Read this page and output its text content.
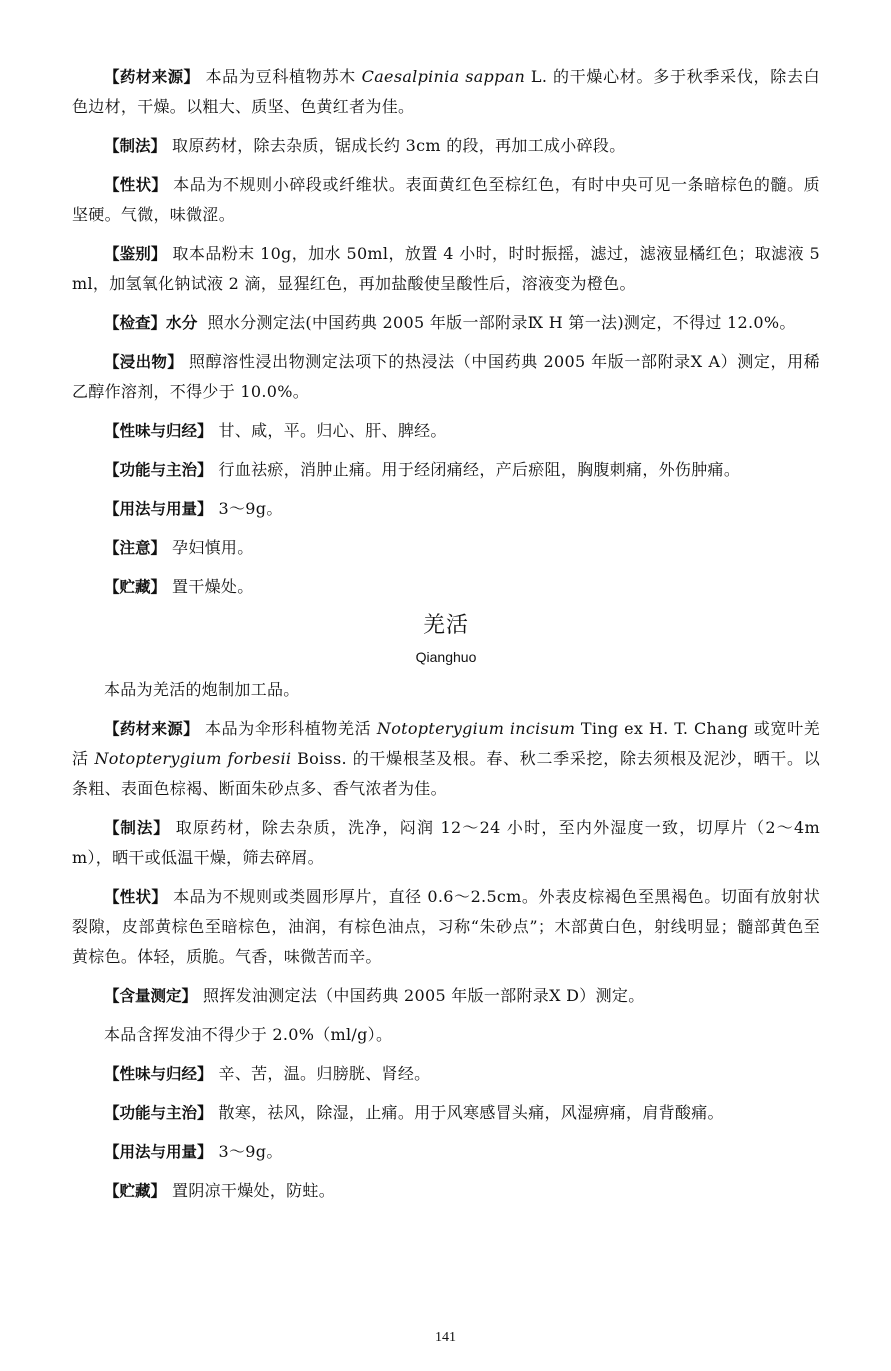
【药材来源】 本品为豆科植物苏木 Caesalpinia sappan L. 的干燥心材。多于秋季采伐，除去白色边材，干燥。以粗大、质坚、色黄红者为佳。

【制法】 取原药材，除去杂质，锯成长约 3cm 的段，再加工成小碎段。

【性状】 本品为不规则小碎段或纤维状。表面黄红色至棕红色，有时中央可见一条暗棕色的髓。质坚硬。气微，味微涩。

【鉴别】 取本品粉末 10g，加水 50ml，放置 4 小时，时时振摇，滤过，滤液显橘红色；取滤液 5ml，加氢氧化钠试液 2 滴，显猩红色，再加盐酸使呈酸性后，溶液变为橙色。

【检查】水分 照水分测定法(中国药典 2005 年版一部附录Ⅸ H 第一法)测定，不得过 12.0%。

【浸出物】 照醇溶性浸出物测定法项下的热浸法（中国药典 2005 年版一部附录Ⅹ A）测定，用稀乙醇作溶剂，不得少于 10.0%。

【性味与归经】 甘、咸，平。归心、肝、脾经。

【功能与主治】 行血祛瘀，消肿止痛。用于经闭痛经，产后瘀阻，胸腹刺痛，外伤肿痛。

【用法与用量】 3～9g。

【注意】 孕妇慎用。

【贮藏】 置干燥处。

羌活
Qianghuo

本品为羌活的炮制加工品。

【药材来源】 本品为伞形科植物羌活 Notopterygium incisum Ting ex H. T. Chang 或宽叶羌活 Notopterygium forbesii Boiss. 的干燥根茎及根。春、秋二季采挖，除去须根及泥沙，晒干。以条粗、表面色棕褐、断面朱砂点多、香气浓者为佳。

【制法】 取原药材，除去杂质，洗净，闷润 12～24 小时，至内外湿度一致，切厚片（2～4mm），晒干或低温干燥，筛去碎屑。

【性状】 本品为不规则或类圆形厚片，直径 0.6～2.5cm。外表皮棕褐色至黑褐色。切面有放射状裂隙，皮部黄棕色至暗棕色，油润，有棕色油点，习称“朱砂点”；木部黄白色，射线明显；髓部黄色至黄棕色。体轻，质脆。气香，味微苦而辛。

【含量测定】 照挥发油测定法（中国药典 2005 年版一部附录Ⅹ D）测定。

本品含挥发油不得少于 2.0%（ml/g）。

【性味与归经】 辛、苦，温。归膀胱、肾经。

【功能与主治】 散寒，祛风，除湿，止痛。用于风寒感冒头痛，风湿痹痛，肩背酸痛。

【用法与用量】 3～9g。

【贮藏】 置阴凉干燥处，防蛀。

141
